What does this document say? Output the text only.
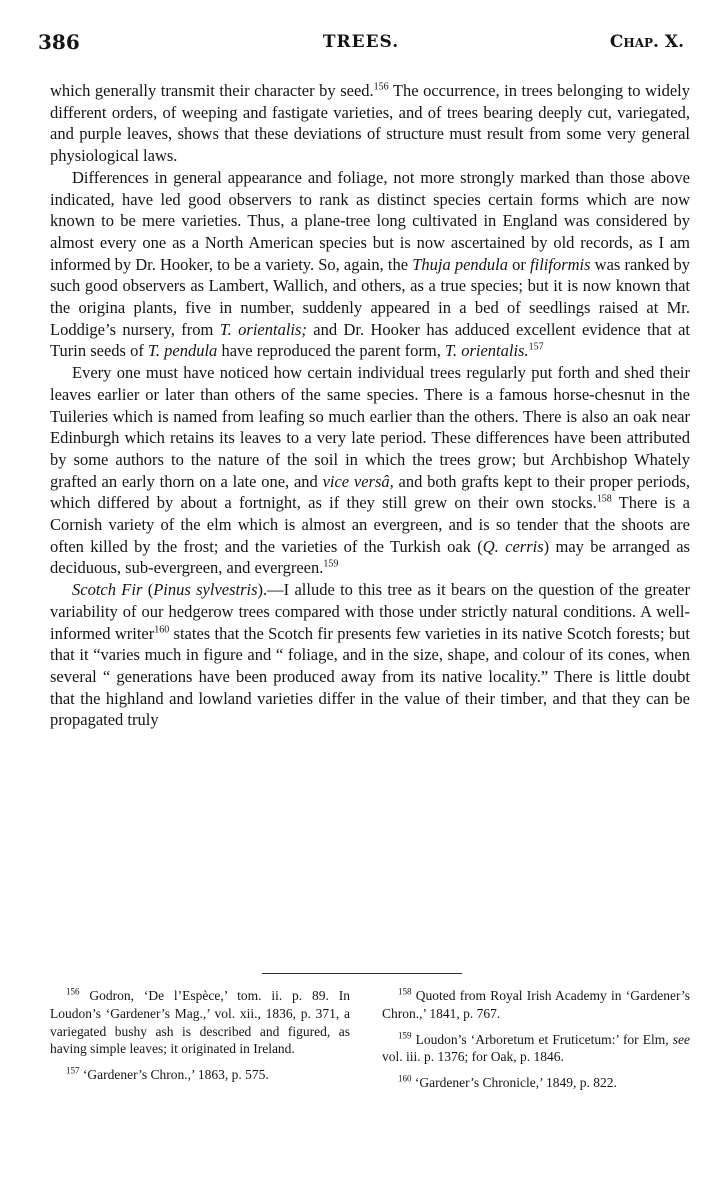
386	TREES.	Chap. X.

which generally transmit their character by seed.$^{156}$ The occurrence, in trees belonging to widely different orders, of weeping and fastigate varieties, and of trees bearing deeply cut, variegated, and purple leaves, shows that these deviations of structure must result from some very general physiological laws.

Differences in general appearance and foliage, not more strongly marked than those above indicated, have led good observers to rank as distinct species certain forms which are now known to be mere varieties. Thus, a plane-tree long cultivated in England was considered by almost every one as a North American species but is now ascertained by old records, as I am informed by Dr. Hooker, to be a variety. So, again, the Thuja pendula or filiformis was ranked by such good observers as Lambert, Wallich, and others, as a true species; but it is now known that the origina plants, five in number, suddenly appeared in a bed of seedlings raised at Mr. Loddige’s nursery, from T. orientalis; and Dr. Hooker has adduced excellent evidence that at Turin seeds of T. pendula have reproduced the parent form, T. orientalis.$^{157}$

Every one must have noticed how certain individual trees regularly put forth and shed their leaves earlier or later than others of the same species. There is a famous horse-chesnut in the Tuileries which is named from leafing so much earlier than the others. There is also an oak near Edinburgh which retains its leaves to a very late period. These differences have been attributed by some authors to the nature of the soil in which the trees grow; but Archbishop Whately grafted an early thorn on a late one, and vice versâ, and both grafts kept to their proper periods, which differed by about a fortnight, as if they still grew on their own stocks.$^{158}$ There is a Cornish variety of the elm which is almost an evergreen, and is so tender that the shoots are often killed by the frost; and the varieties of the Turkish oak (Q. cerris) may be arranged as deciduous, sub-evergreen, and evergreen.$^{159}$

Scotch Fir (Pinus sylvestris).—I allude to this tree as it bears on the question of the greater variability of our hedgerow trees compared with those under strictly natural conditions. A well-informed writer$^{160}$ states that the Scotch fir presents few varieties in its native Scotch forests; but that it “varies much in figure and “ foliage, and in the size, shape, and colour of its cones, when several “ generations have been produced away from its native locality.” There is little doubt that the highland and lowland varieties differ in the value of their timber, and that they can be propagated truly

$^{156}$ Godron, ‘De l’Espèce,’ tom. ii. p. 89. In Loudon’s ‘Gardener’s Mag.,’ vol. xii., 1836, p. 371, a variegated bushy ash is described and figured, as having simple leaves; it originated in Ireland.

$^{157}$ ‘Gardener’s Chron.,’ 1863, p. 575.

$^{158}$ Quoted from Royal Irish Academy in ‘Gardener’s Chron.,’ 1841, p. 767.

$^{159}$ Loudon’s ‘Arboretum et Fruticetum:’ for Elm, see vol. iii. p. 1376; for Oak, p. 1846.

$^{160}$ ‘Gardener’s Chronicle,’ 1849, p. 822.
